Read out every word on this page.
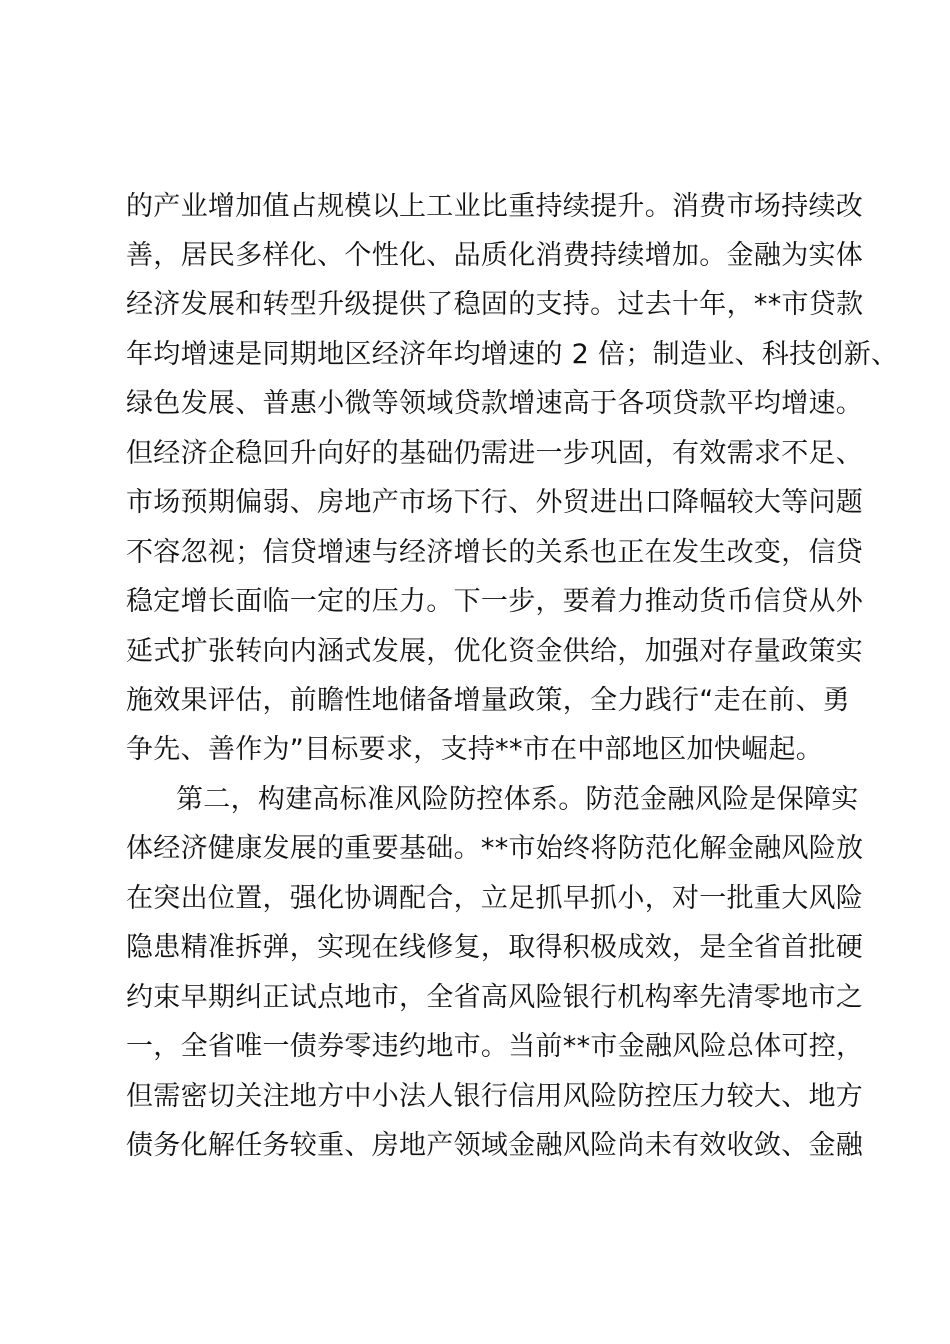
的产业增加值占规模以上工业比重持续提升。消费市场持续改
善，居民多样化、个性化、品质化消费持续增加。金融为实体
经济发展和转型升级提供了稳固的支持。过去十年，**市贷款
年均增速是同期地区经济年均增速的 2 倍；制造业、科技创新、
绿色发展、普惠小微等领域贷款增速高于各项贷款平均增速。
但经济企稳回升向好的基础仍需进一步巩固，有效需求不足、
市场预期偏弱、房地产市场下行、外贸进出口降幅较大等问题
不容忽视；信贷增速与经济增长的关系也正在发生改变，信贷
稳定增长面临一定的压力。下一步，要着力推动货币信贷从外
延式扩张转向内涵式发展，优化资金供给，加强对存量政策实
施效果评估，前瞻性地储备增量政策，全力践行“走在前、勇
争先、善作为”目标要求，支持**市在中部地区加快崛起。
第二，构建高标准风险防控体系。防范金融风险是保障实
体经济健康发展的重要基础。**市始终将防范化解金融风险放
在突出位置，强化协调配合，立足抓早抓小，对一批重大风险
隐患精准拆弹，实现在线修复，取得积极成效，是全省首批硬
约束早期纠正试点地市，全省高风险银行机构率先清零地市之
一，全省唯一债券零违约地市。当前**市金融风险总体可控，
但需密切关注地方中小法人银行信用风险防控压力较大、地方
债务化解任务较重、房地产领域金融风险尚未有效收敛、金融
